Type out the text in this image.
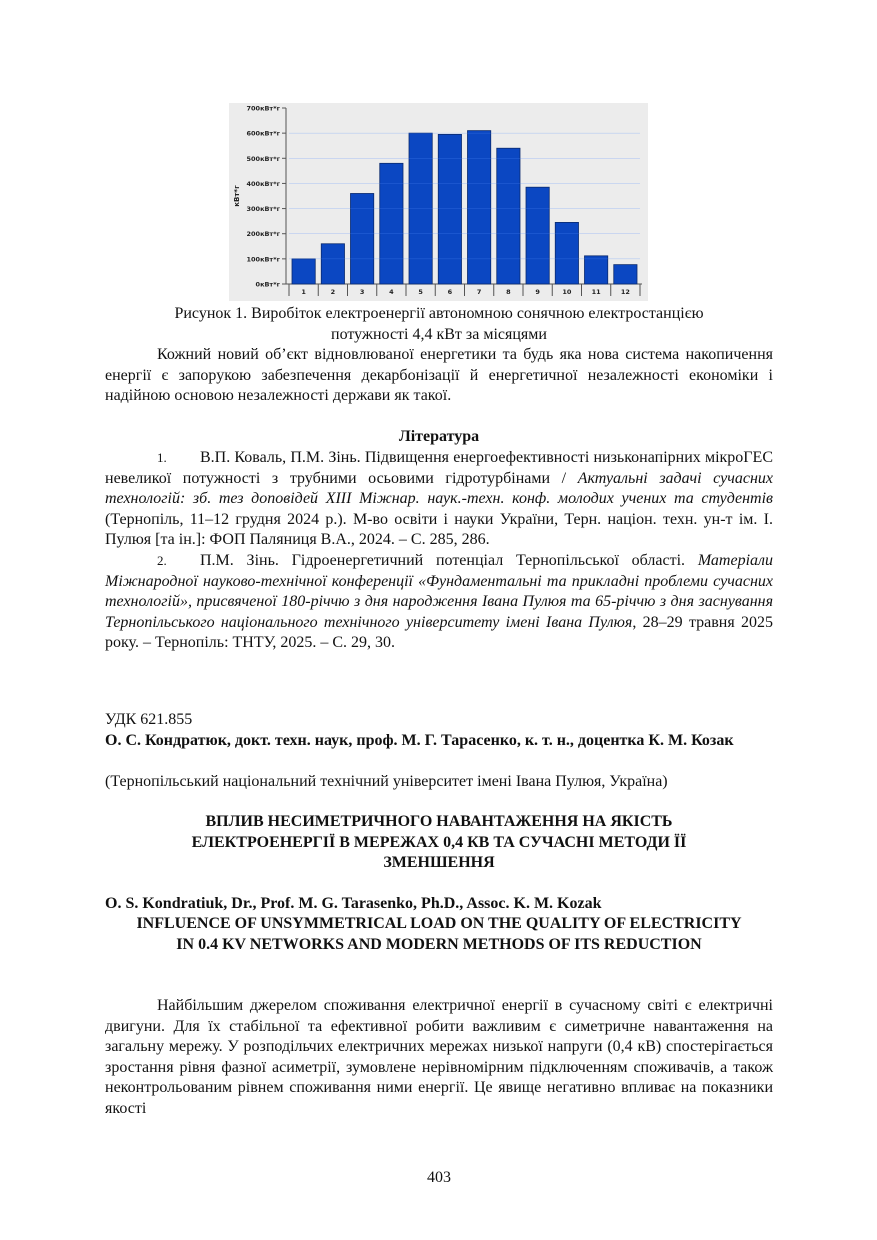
0кВт*г
100кВт*г
200кВт*г
300кВт*г
400кВт*г
500кВт*г
600кВт*г
700кВт*г
кВт*г
1	2	3	4	5	6	7	8	9	10	11	12
Рисунок 1. Виробіток електроенергії автономною сонячною електростанцією
потужності 4,4 кВт за місяцями
Кожний новий об’єкт відновлюваної енергетики та будь яка нова система накопичення енергії є запорукою забезпечення декарбонізації й енергетичної незалежності економіки і надійною основою незалежності держави як такої.
Література
1. В.П. Коваль, П.М. Зінь. Підвищення енергоефективності низьконапірних мікроГЕС невеликої потужності з трубними осьовими гідротурбінами / Актуальні задачі сучасних технологій: зб. тез доповідей XIII Міжнар. наук.-техн. конф. молодих учених та студентів (Тернопіль, 11–12 грудня 2024 р.). М-во освіти і науки України, Терн. націон. техн. ун-т ім. І. Пулюя [та ін.]: ФОП Паляниця В.А., 2024. – С. 285, 286.
2. П.М. Зінь. Гідроенергетичний потенціал Тернопільської області. Матеріали Міжнародної науково-технічної конференції «Фундаментальні та прикладні проблеми сучасних технологій», присвяченої 180-річчю з дня народження Івана Пулюя та 65-річчю з дня заснування Тернопільського національного технічного університету імені Івана Пулюя, 28–29 травня 2025 року. – Тернопіль: ТНТУ, 2025. – С. 29, 30.
УДК 621.855
О. С. Кондратюк, докт. техн. наук, проф. М. Г. Тарасенко, к. т. н., доцентка К. М. Козак
(Тернопільський національний технічний університет імені Івана Пулюя, Україна)
ВПЛИВ НЕСИМЕТРИЧНОГО НАВАНТАЖЕННЯ НА ЯКІСТЬ ЕЛЕКТРОЕНЕРГІЇ В МЕРЕЖАХ 0,4 КВ ТА СУЧАСНІ МЕТОДИ ЇЇ ЗМЕНШЕННЯ
O. S. Kondratiuk, Dr., Prof. M. G. Tarasenko, Ph.D., Assoc. K. M. Kozak
INFLUENCE OF UNSYMMETRICAL LOAD ON THE QUALITY OF ELECTRICITY IN 0.4 KV NETWORKS AND MODERN METHODS OF ITS REDUCTION
Найбільшим джерелом споживання електричної енергії в сучасному світі є електричні двигуни. Для їх стабільної та ефективної робити важливим є симетричне навантаження на загальну мережу. У розподільчих електричних мережах низької напруги (0,4 кВ) спостерігається зростання рівня фазної асиметрії, зумовлене нерівномірним підключенням споживачів, а також неконтрольованим рівнем споживання ними енергії. Це явище негативно впливає на показники якості
403
